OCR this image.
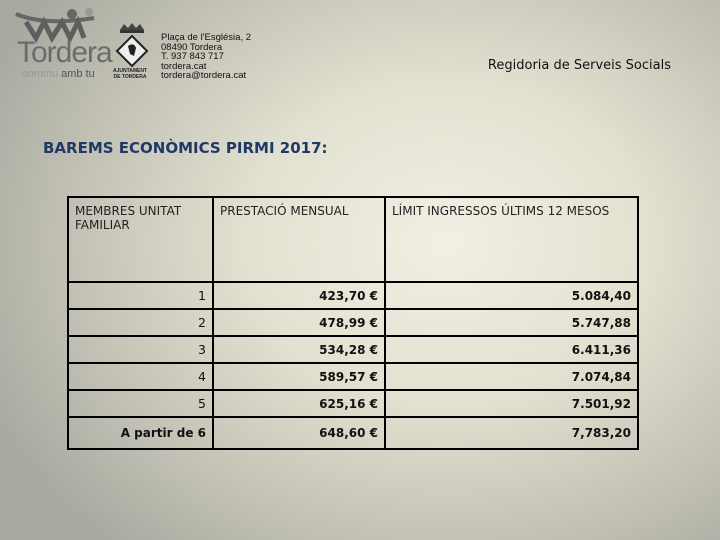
Tordera
sommu amb tu	AJUNTAMENT
DE TORDERA
Plaça de l'Església, 2
08490 Tordera
T. 937 843 717
tordera.cat
tordera@tordera.cat
Regidoria de Serveis Socials
BAREMS ECONÒMICS PIRMI 2017:
MEMBRES UNITAT FAMILIAR	PRESTACIÓ MENSUAL	LÍMIT INGRESSOS ÚLTIMS 12 MESOS
1	423,70 €	5.084,40
2	478,99 €	5.747,88
3	534,28 €	6.411,36
4	589,57 €	7.074,84
5	625,16 €	7.501,92
A partir de 6	648,60 €	7,783,20
